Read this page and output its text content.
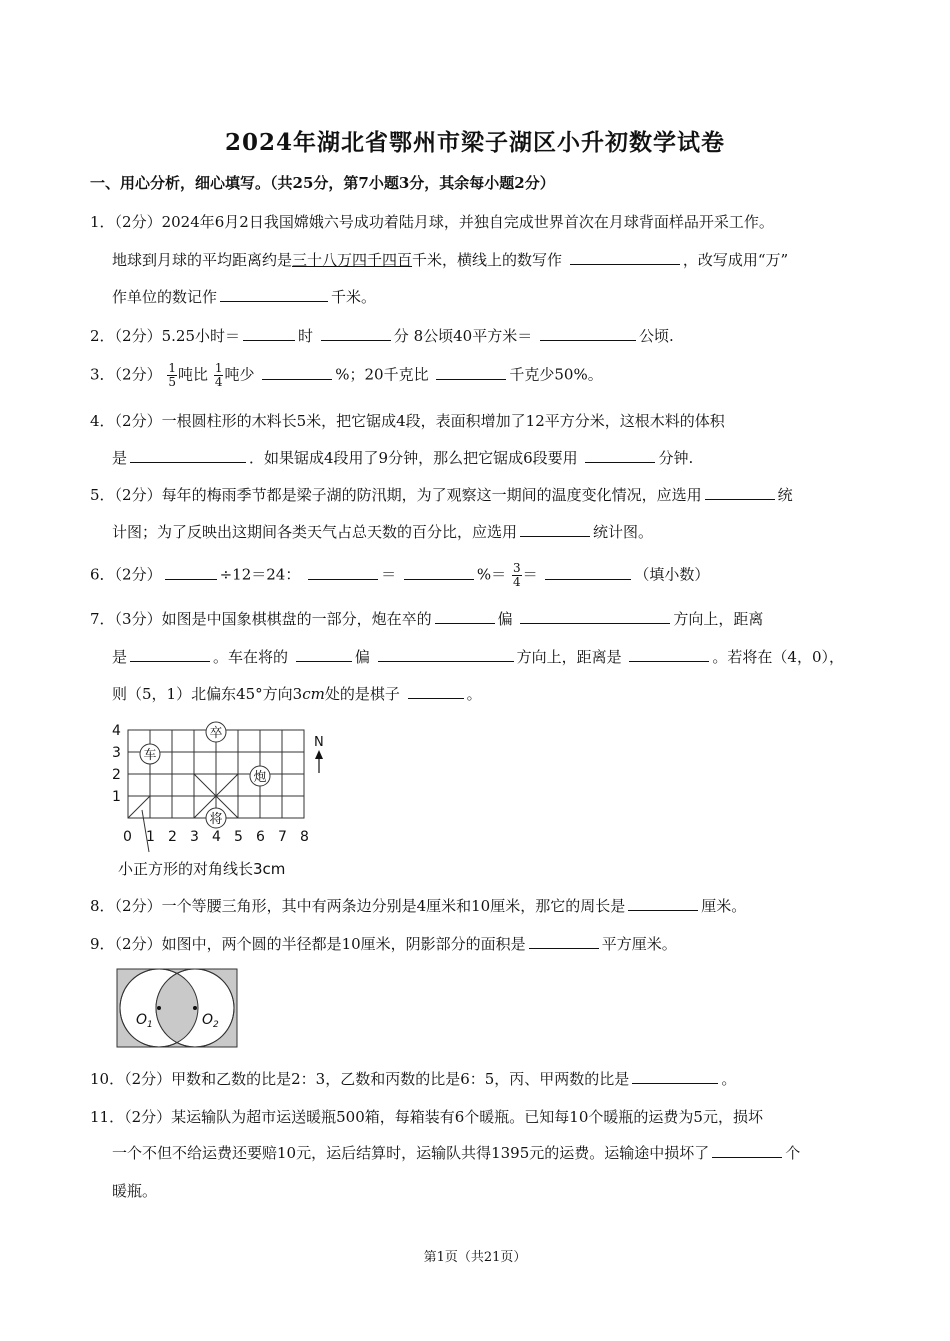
2024年湖北省鄂州市梁子湖区小升初数学试卷
一、用心分析，细心填写。（共25分，第7小题3分，其余每小题2分）
1．（2分）2024年6月2日我国嫦娥六号成功着陆月球，并独自完成世界首次在月球背面样品开采工作。
地球到月球的平均距离约是三十八万四千四百千米，横线上的数写作	，改写成用“万”
作单位的数记作	千米。
2．（2分）5.25小时＝	时	分 8公顷40平方米＝	公顷.
3．（2分） $\frac{1}{5}$ 吨比 $\frac{1}{4}$ 吨少	%；20千克比	千克少50%。
4．（2分）一根圆柱形的木料长5米，把它锯成4段，表面积增加了12平方分米，这根木料的体积
是	．如果锯成4段用了9分钟，那么把它锯成6段要用	分钟.
5．（2分）每年的梅雨季节都是梁子湖的防汛期，为了观察这一期间的温度变化情况，应选用	统
计图；为了反映出这期间各类天气占总天数的百分比，应选用	统计图。
6．（2分）	÷12＝24：	＝	%＝ $\frac{3}{4}$ ＝	（填小数）
7．（3分）如图是中国象棋棋盘的一部分，炮在卒的	偏	方向上，距离
是	。车在将的	偏	方向上，距离是	。若将在（4，0），
则（5，1）北偏东45°方向3cm处的是棋子	。
4
3
2
1
0 1 2 3 4 5 6 7 8
卒
车
炮
将
N
小正方形的对角线长3cm
8．（2分）一个等腰三角形，其中有两条边分别是4厘米和10厘米，那它的周长是	厘米。
9．（2分）如图中，两个圆的半径都是10厘米，阴影部分的面积是	平方厘米。
$O_1$	$O_2$
10．（2分）甲数和乙数的比是2：3，乙数和丙数的比是6：5，丙、甲两数的比是	。
11．（2分）某运输队为超市运送暖瓶500箱，每箱装有6个暖瓶。已知每10个暖瓶的运费为5元，损坏
一个不但不给运费还要赔10元，运后结算时，运输队共得1395元的运费。运输途中损坏了	个
暖瓶。
第1页（共21页）
